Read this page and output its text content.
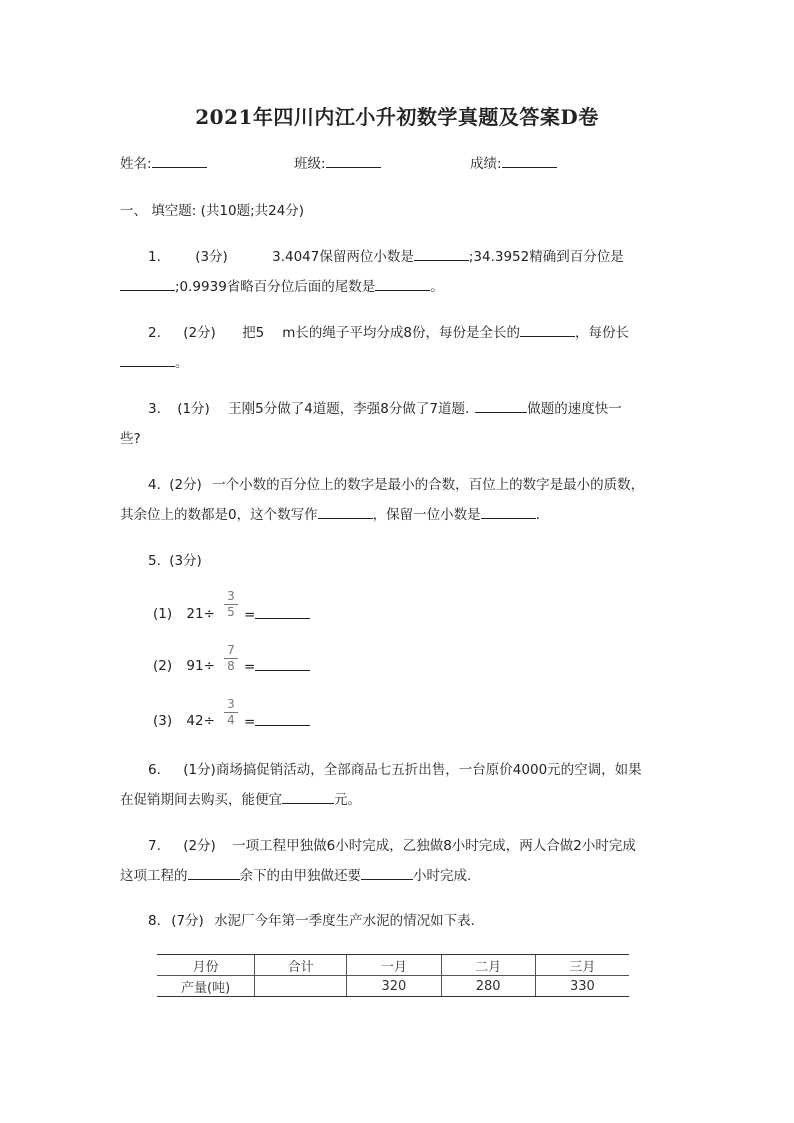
2021年四川内江小升初数学真题及答案D卷
姓名:	班级:	成绩:
一、 填空题: (共10题;共24分)
1.	(3分)	3.4047保留两位小数是	;34.3952精确到百分位是
;0.9939省略百分位后面的尾数是	。
2. (2分) 把5 m长的绳子平均分成8份，每份是全长的	，每份长
。
3. (1分) 王刚5分做了4道题，李强8分做了7道题.	做题的速度快一
些?
4. (2分) 一个小数的百分位上的数字是最小的合数，百位上的数字是最小的质数，
其余位上的数都是0，这个数写作	，保留一位小数是	.
5. (3分)
(1) 21÷
3
5 =
(2) 91÷
7
8 =
(3) 42÷
3
4 =
6. (1分)商场搞促销活动，全部商品七五折出售，一台原价4000元的空调，如果
在促销期间去购买，能便宜	元。
7. (2分) 一项工程甲独做6小时完成，乙独做8小时完成，两人合做2小时完成
这项工程的	余下的由甲独做还要	小时完成.
8. (7分) 水泥厂今年第一季度生产水泥的情况如下表.
月份	合计	一月	二月	三月
产量(吨)		320	280	330
